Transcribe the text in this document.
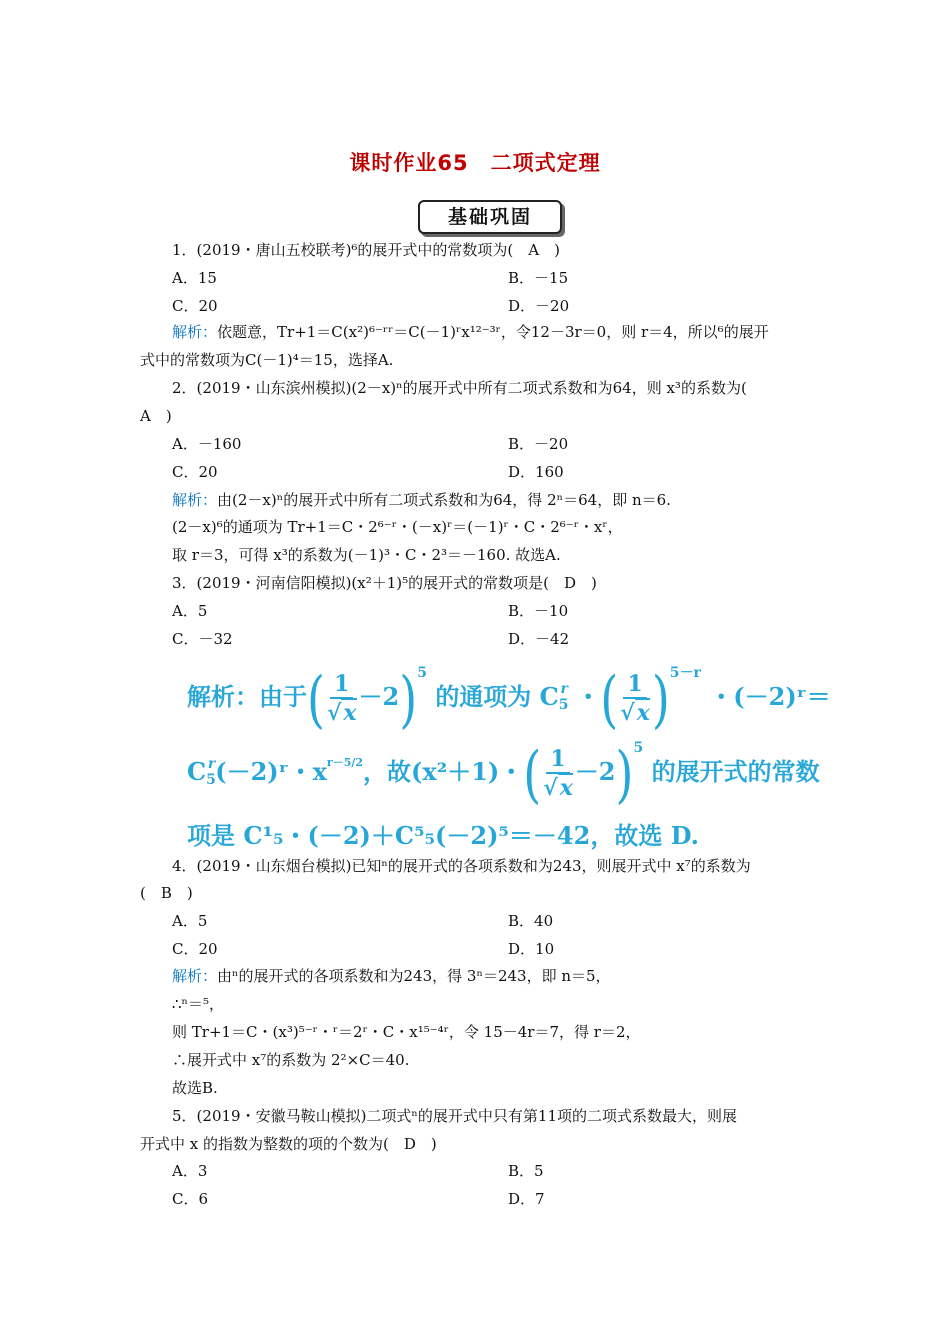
课时作业65　二项式定理
基础巩固
1．(2019・唐山五校联考)⁶的展开式中的常数项为(　A　)
A．15	B．－15
C．20	D．－20
解析：依题意，Tr+1＝C(x²)⁶⁻ʳʳ＝C(－1)ʳx¹²⁻³ʳ，令12－3r＝0，则 r＝4，所以⁶的展开
式中的常数项为C(－1)⁴＝15，选择A.
2．(2019・山东滨州模拟)(2－x)ⁿ的展开式中所有二项式系数和为64，则 x³的系数为(
A　)
A．－160	B．－20
C．20	D．160
解析：由(2－x)ⁿ的展开式中所有二项式系数和为64，得 2ⁿ＝64，即 n＝6.
(2－x)⁶的通项为 Tr+1＝C・2⁶⁻ʳ・(－x)ʳ＝(－1)ʳ・C・2⁶⁻ʳ・xʳ，
取 r＝3，可得 x³的系数为(－1)³・C・2³＝－160. 故选A.
3．(2019・河南信阳模拟)(x²＋1)⁵的展开式的常数项是(　D　)
A．5	B．－10
C．－32	D．－42
解析：由于( $\frac{1}{√x} -2)^5$ 的通项为 C5$^r$ ・( $\frac{1}{√x} )^{5-r}$ ・(－2)ʳ＝
$C5^r(-2)ʳ$・$x^{r-5/2}$，故(x²＋1)・( $\frac{1}{√x} -2)^5$ 的展开式的常数
项是 C¹₅・(－2)＋C⁵₅(－2)⁵＝－42，故选 D.
4．(2019・山东烟台模拟)已知ⁿ的展开式的各项系数和为243，则展开式中 x⁷的系数为
(　B　)
A．5	B．40
C．20	D．10
解析：由ⁿ的展开式的各项系数和为243，得 3ⁿ＝243，即 n＝5，
∴ⁿ＝⁵，
则 Tr+1＝C・(x³)⁵⁻ʳ・ʳ＝2ʳ・C・x¹⁵⁻⁴ʳ，令 15－4r＝7，得 r＝2，
∴展开式中 x⁷的系数为 2²×C＝40.
故选B.
5．(2019・安徽马鞍山模拟)二项式ⁿ的展开式中只有第11项的二项式系数最大，则展
开式中 x 的指数为整数的项的个数为(　D　)
A．3	B．5
C．6	D．7
